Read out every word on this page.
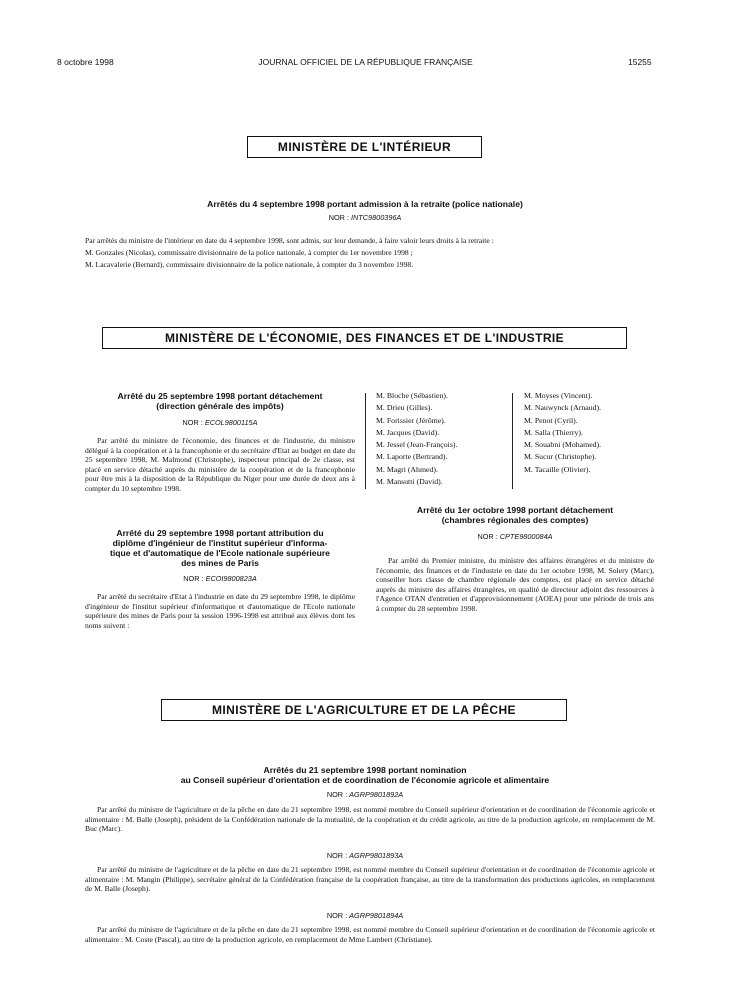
8 octobre 1998	JOURNAL OFFICIEL DE LA RÉPUBLIQUE FRANÇAISE	15255
MINISTÈRE DE L'INTÉRIEUR
Arrêtés du 4 septembre 1998 portant admission à la retraite (police nationale)
NOR : INTC9800396A

Par arrêtés du ministre de l'intérieur en date du 4 septembre 1998, sont admis, sur leur demande, à faire valoir leurs droits à la retraite :

M. Gonzales (Nicolas), commissaire divisionnaire de la police nationale, à compter du 1er novembre 1998 ;

M. Lacavalerie (Bernard), commissaire divisionnaire de la police nationale, à compter du 3 novembre 1998.

MINISTÈRE DE L'ÉCONOMIE, DES FINANCES ET DE L'INDUSTRIE
Arrêté du 25 septembre 1998 portant détachement
(direction générale des impôts)
NOR : ECOL9800115A

Par arrêté du ministre de l'économie, des finances et de l'industrie, du ministre délégué à la coopération et à la francophonie et du secrétaire d'Etat au budget en date du 25 septembre 1998, M. Malmond (Christophe), inspecteur principal de 2e classe, est placé en service détaché auprès du ministère de la coopération et de la francophonie pour être mis à la disposition de la République du Niger pour une durée de deux ans à compter du 10 septembre 1998.

Arrêté du 29 septembre 1998 portant attribution du
diplôme d'ingénieur de l'institut supérieur d'informa-
tique et d'automatique de l'Ecole nationale supérieure
des mines de Paris
NOR : ECOI9800823A

Par arrêté du secrétaire d'Etat à l'industrie en date du 29 septembre 1998, le diplôme d'ingénieur de l'institut supérieur d'informatique et d'automatique de l'Ecole nationale supérieure des mines de Paris pour la session 1996-1998 est attribué aux élèves dont les noms suivent :

M. Bloche (Sébastien).
M. Drieu (Gilles).
M. Forissier (Jérôme).
M. Jacques (David).
M. Jessel (Jean-François).
M. Laporte (Bertrand).
M. Magri (Ahmed).
M. Mansutti (David).
M. Moyses (Vincent).
M. Nauwynck (Arnaud).
M. Penot (Cyril).
M. Salla (Thierry).
M. Souabni (Mohamed).
M. Sucur (Christophe).
M. Tacaille (Olivier).
Arrêté du 1er octobre 1998 portant détachement
(chambres régionales des comptes)
NOR : CPTE9800084A

Par arrêté du Premier ministre, du ministre des affaires étrangères et du ministre de l'économie, des finances et de l'industrie en date du 1er octobre 1998, M. Solery (Marc), conseiller hors classe de chambre régionale des comptes, est placé en service détaché auprès du ministre des affaires étrangères, en qualité de directeur adjoint des ressources à l'Agence OTAN d'entretien et d'approvisionnement (AOEA) pour une période de trois ans à compter du 28 septembre 1998.

MINISTÈRE DE L'AGRICULTURE ET DE LA PÊCHE
Arrêtés du 21 septembre 1998 portant nomination
au Conseil supérieur d'orientation et de coordination de l'économie agricole et alimentaire
NOR : AGRP9801892A

Par arrêté du ministre de l'agriculture et de la pêche en date du 21 septembre 1998, est nommé membre du Conseil supérieur d'orientation et de coordination de l'économie agricole et alimentaire : M. Balle (Joseph), président de la Confédération nationale de la mutualité, de la coopération et du crédit agricole, au titre de la production agricole, en remplacement de M. Buc (Marc).

NOR : AGRP9801893A

Par arrêté du ministre de l'agriculture et de la pêche en date du 21 septembre 1998, est nommé membre du Conseil supérieur d'orientation et de coordination de l'économie agricole et alimentaire : M. Mangin (Philippe), secrétaire général de la Confédération française de la coopération française, au titre de la transformation des productions agricoles, en remplacement de M. Balle (Joseph).

NOR : AGRP9801894A

Par arrêté du ministre de l'agriculture et de la pêche en date du 21 septembre 1998, est nommé membre du Conseil supérieur d'orientation et de coordination de l'économie agricole et alimentaire : M. Coste (Pascal), au titre de la production agricole, en remplacement de Mme Lambert (Christiane).
